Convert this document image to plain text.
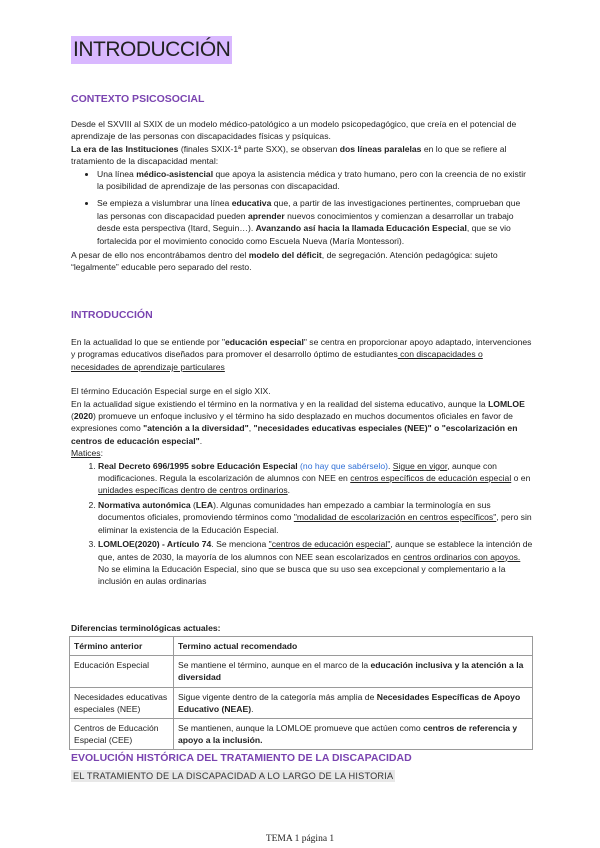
INTRODUCCIÓN
CONTEXTO PSICOSOCIAL
Desde el SXVIII al SXIX de un modelo médico-patológico a un modelo psicopedagógico, que creía en el potencial de aprendizaje de las personas con discapacidades físicas y psíquicas.
La era de las Instituciones (finales SXIX-1ª parte SXX), se observan dos líneas paralelas en lo que se refiere al tratamiento de la discapacidad mental:
• Una línea médico-asistencial que apoya la asistencia médica y trato humano, pero con la creencia de no existir la posibilidad de aprendizaje de las personas con discapacidad.
• Se empieza a vislumbrar una línea educativa que, a partir de las investigaciones pertinentes, comprueban que las personas con discapacidad pueden aprender nuevos conocimientos y comienzan a desarrollar un trabajo desde esta perspectiva (Itard, Seguin…). Avanzando así hacia la llamada Educación Especial, que se vio fortalecida por el movimiento conocido como Escuela Nueva (María Montessori).
A pesar de ello nos encontrábamos dentro del modelo del déficit, de segregación. Atención pedagógica: sujeto “legalmente” educable pero separado del resto.
INTRODUCCIÓN
En la actualidad lo que se entiende por "educación especial" se centra en proporcionar apoyo adaptado, intervenciones y programas educativos diseñados para promover el desarrollo óptimo de estudiantes con discapacidades o necesidades de aprendizaje particulares
El término Educación Especial surge en el siglo XIX.
En la actualidad sigue existiendo el término en la normativa y en la realidad del sistema educativo, aunque la LOMLOE (2020) promueve un enfoque inclusivo y el término ha sido desplazado en muchos documentos oficiales en favor de expresiones como "atención a la diversidad", "necesidades educativas especiales (NEE)" o "escolarización en centros de educación especial".
Matices:
1. Real Decreto 696/1995 sobre Educación Especial (no hay que sabérselo). Sigue en vigor, aunque con modificaciones. Regula la escolarización de alumnos con NEE en centros específicos de educación especial o en unidades específicas dentro de centros ordinarios.
2. Normativa autonómica (LEA). Algunas comunidades han empezado a cambiar la terminología en sus documentos oficiales, promoviendo términos como "modalidad de escolarización en centros específicos", pero sin eliminar la existencia de la Educación Especial.
3. LOMLOE(2020) - Artículo 74. Se menciona "centros de educación especial", aunque se establece la intención de que, antes de 2030, la mayoría de los alumnos con NEE sean escolarizados en centros ordinarios con apoyos. No se elimina la Educación Especial, sino que se busca que su uso sea excepcional y complementario a la inclusión en aulas ordinarias
Diferencias terminológicas actuales:
Término anterior	Termino actual recomendado
Educación Especial	Se mantiene el término, aunque en el marco de la educación inclusiva y la atención a la diversidad
Necesidades educativas especiales (NEE)	Sigue vigente dentro de la categoría más amplia de Necesidades Específicas de Apoyo Educativo (NEAE).
Centros de Educación Especial (CEE)	Se mantienen, aunque la LOMLOE promueve que actúen como centros de referencia y apoyo a la inclusión.
EVOLUCIÓN HISTÓRICA DEL TRATAMIENTO DE LA DISCAPACIDAD
EL TRATAMIENTO DE LA DISCAPACIDAD A LO LARGO DE LA HISTORIA
TEMA 1 página 1
